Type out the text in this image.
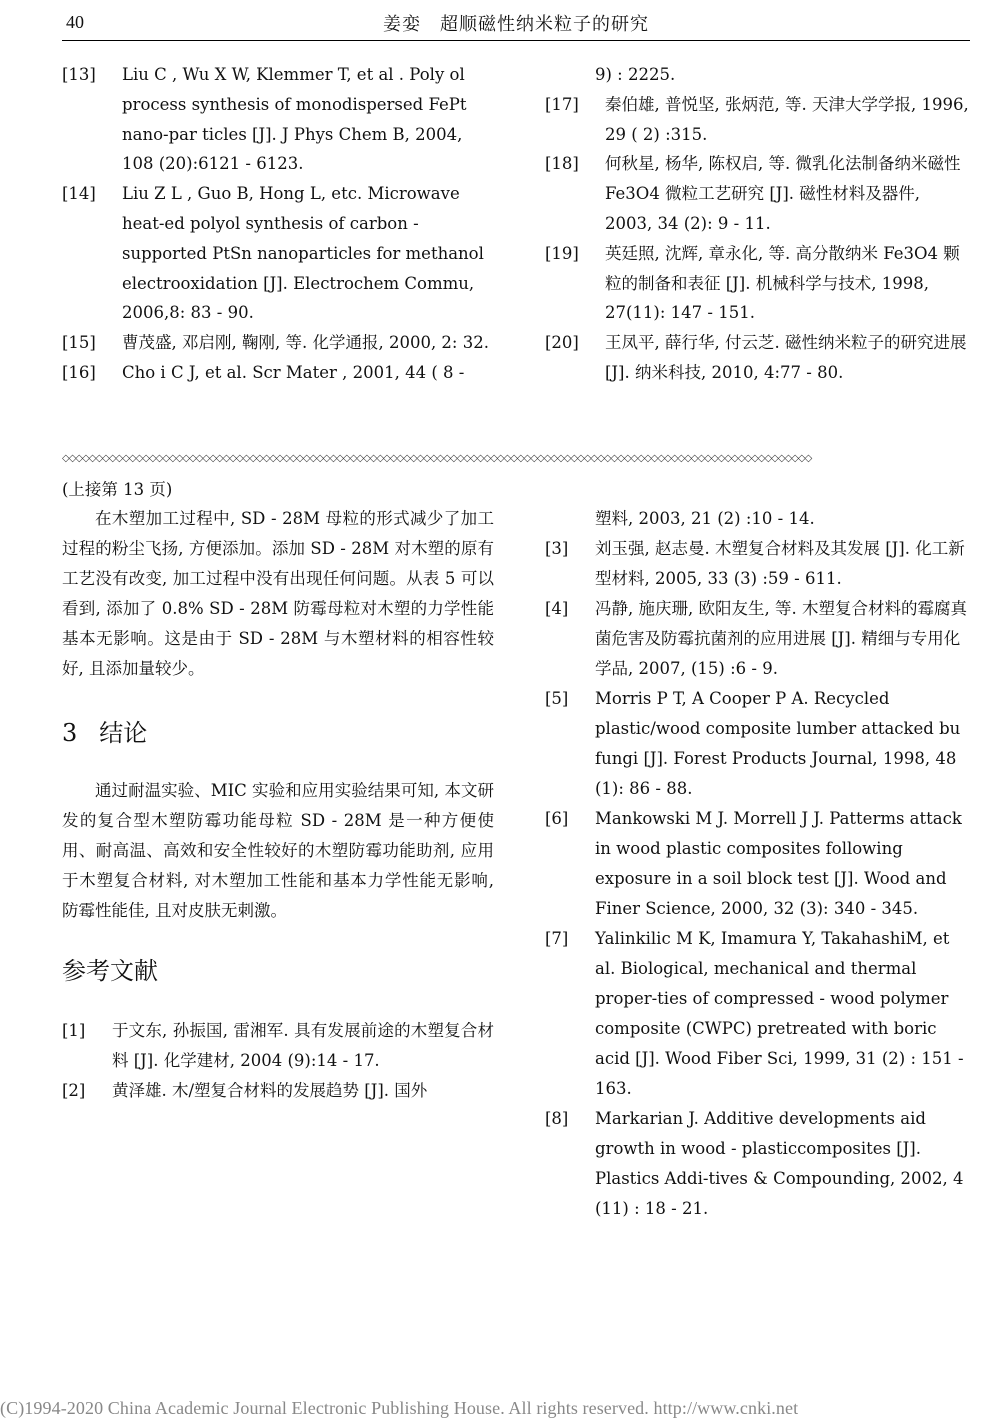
40	姜娈　超顺磁性纳米粒子的研究
[13] Liu C , Wu X W, Klemmer T, et al . Poly ol process synthesis of monodispersed FePt nano-par ticles [J]. J Phys Chem B, 2004, 108 (20):6121 - 6123.
[14] Liu Z L , Guo B, Hong L, etc. Microwave heat-ed polyol synthesis of carbon - supported PtSn nanoparticles for methanol electrooxidation [J]. Electrochem Commu, 2006,8: 83 - 90.
[15] 曹茂盛, 邓启刚, 鞠刚, 等. 化学通报, 2000, 2: 32.
[16] Cho i C J, et al. Scr Mater , 2001, 44 ( 8 -
9) : 2225.
[17] 秦伯雄, 普悦坚, 张炳范, 等. 天津大学学报, 1996, 29 ( 2) :315.
[18] 何秋星, 杨华, 陈权启, 等. 微乳化法制备纳米磁性 Fe3O4 微粒工艺研究 [J]. 磁性材料及器件, 2003, 34 (2): 9 - 11.
[19] 英廷照, 沈辉, 章永化, 等. 高分散纳米 Fe3O4 颗粒的制备和表征 [J]. 机械科学与技术, 1998, 27(11): 147 - 151.
[20] 王凤平, 薛行华, 付云芝. 磁性纳米粒子的研究进展 [J]. 纳米科技, 2010, 4:77 - 80.
◇◇◇◇◇◇◇◇◇◇◇◇◇◇◇◇◇◇◇◇◇◇◇◇◇◇◇◇◇◇◇◇◇◇◇◇◇◇◇◇◇◇◇◇◇◇◇◇◇◇◇◇◇◇◇◇◇◇◇◇◇◇◇◇◇◇◇◇◇◇◇◇◇◇◇◇◇◇◇◇◇◇◇◇◇◇◇◇◇◇◇◇◇◇◇◇◇◇◇◇◇◇◇◇◇◇◇◇◇◇◇◇
(上接第 13 页)

在木塑加工过程中, SD - 28M 母粒的形式减少了加工过程的粉尘飞扬, 方便添加。添加 SD - 28M 对木塑的原有工艺没有改变, 加工过程中没有出现任何问题。从表 5 可以看到, 添加了 0.8% SD - 28M 防霉母粒对木塑的力学性能基本无影响。这是由于 SD - 28M 与木塑材料的相容性较好, 且添加量较少。

3 结论

通过耐温实验、MIC 实验和应用实验结果可知, 本文研发的复合型木塑防霉功能母粒 SD - 28M 是一种方便使用、耐高温、高效和安全性较好的木塑防霉功能助剂, 应用于木塑复合材料, 对木塑加工性能和基本力学性能无影响, 防霉性能佳, 且对皮肤无刺激。

参考文献
[1] 于文东, 孙振国, 雷湘军. 具有发展前途的木塑复合材料 [J]. 化学建材, 2004 (9):14 - 17.
[2] 黄泽雄. 木/塑复合材料的发展趋势 [J]. 国外
塑料, 2003, 21 (2) :10 - 14.
[3] 刘玉强, 赵志曼. 木塑复合材料及其发展 [J]. 化工新型材料, 2005, 33 (3) :59 - 611.
[4] 冯静, 施庆珊, 欧阳友生, 等. 木塑复合材料的霉腐真菌危害及防霉抗菌剂的应用进展 [J]. 精细与专用化学品, 2007, (15) :6 - 9.
[5] Morris P T, A Cooper P A. Recycled plastic/wood composite lumber attacked bu fungi [J]. Forest Products Journal, 1998, 48 (1): 86 - 88.
[6] Mankowski M J. Morrell J J. Patterms attack in wood plastic composites following exposure in a soil block test [J]. Wood and Finer Science, 2000, 32 (3): 340 - 345.
[7] Yalinkilic M K, Imamura Y, TakahashiM, et al. Biological, mechanical and thermal proper-ties of compressed - wood polymer composite (CWPC) pretreated with boric acid [J]. Wood Fiber Sci, 1999, 31 (2) : 151 - 163.
[8] Markarian J. Additive developments aid growth in wood - plasticcomposites [J]. Plastics Addi-tives & Compounding, 2002, 4 (11) : 18 - 21.
(C)1994-2020 China Academic Journal Electronic Publishing House. All rights reserved. http://www.cnki.net
